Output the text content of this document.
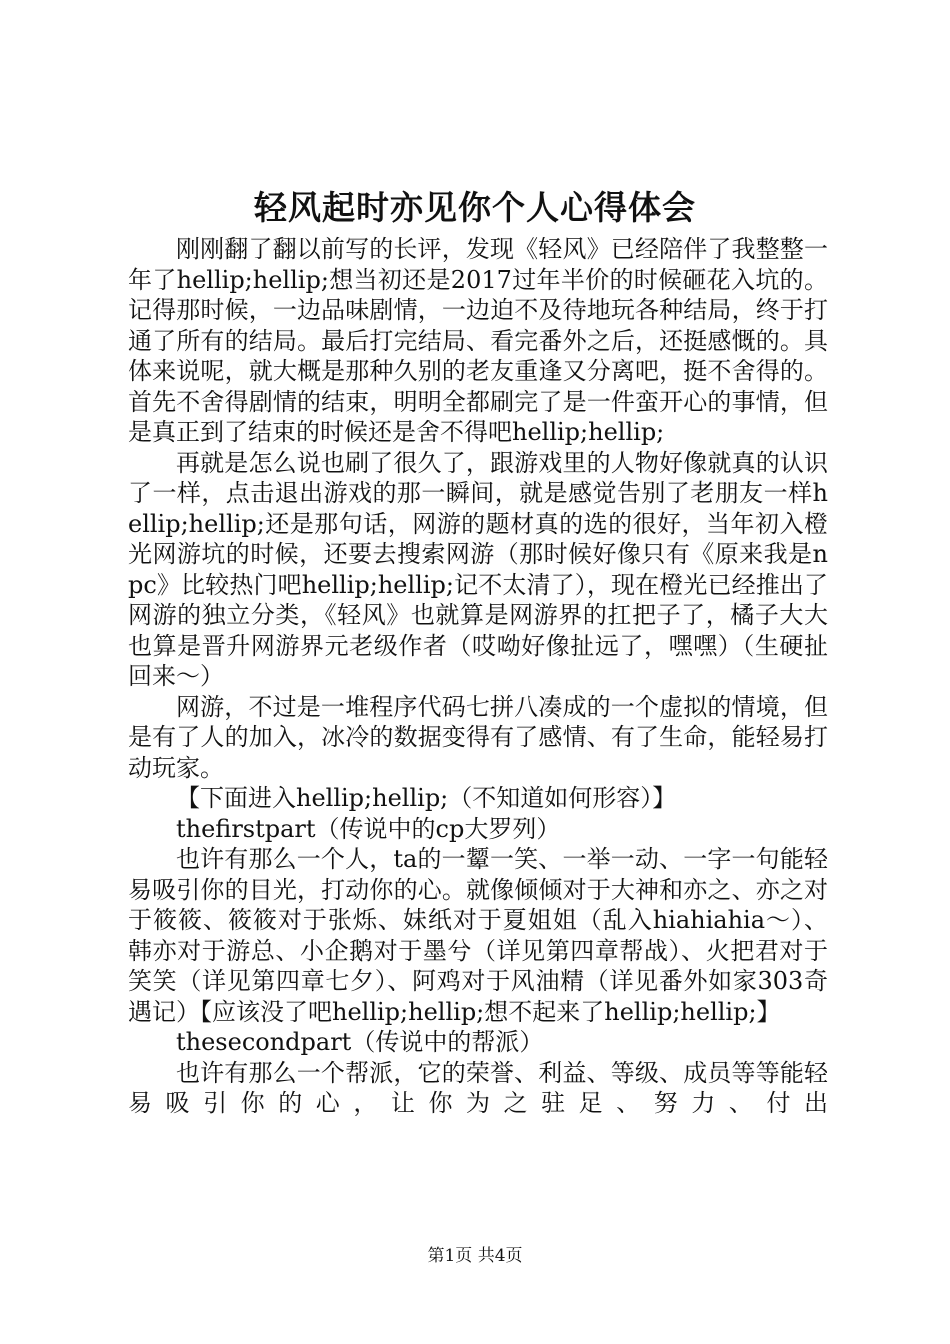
轻风起时亦见你个人心得体会

刚刚翻了翻以前写的长评，发现《轻风》已经陪伴了我整整一年了hellip;hellip;想当初还是2017过年半价的时候砸花入坑的。记得那时候，一边品味剧情，一边迫不及待地玩各种结局，终于打通了所有的结局。最后打完结局、看完番外之后，还挺感慨的。具体来说呢，就大概是那种久别的老友重逢又分离吧，挺不舍得的。首先不舍得剧情的结束，明明全都刷完了是一件蛮开心的事情，但是真正到了结束的时候还是舍不得吧hellip;hellip;

再就是怎么说也刷了很久了，跟游戏里的人物好像就真的认识了一样，点击退出游戏的那一瞬间，就是感觉告别了老朋友一样hellip;hellip;还是那句话，网游的题材真的选的很好，当年初入橙光网游坑的时候，还要去搜索网游（那时候好像只有《原来我是npc》比较热门吧hellip;hellip;记不太清了），现在橙光已经推出了网游的独立分类，《轻风》也就算是网游界的扛把子了，橘子大大也算是晋升网游界元老级作者（哎呦好像扯远了，嘿嘿）（生硬扯回来～）

网游，不过是一堆程序代码七拼八凑成的一个虚拟的情境，但是有了人的加入，冰冷的数据变得有了感情、有了生命，能轻易打动玩家。

【下面进入hellip;hellip;（不知道如何形容）】

thefirstpart（传说中的cp大罗列）

也许有那么一个人，ta的一颦一笑、一举一动、一字一句能轻易吸引你的目光，打动你的心。就像倾倾对于大神和亦之、亦之对于筱筱、筱筱对于张烁、妹纸对于夏姐姐（乱入hiahiahia～）、韩亦对于游总、小企鹅对于墨兮（详见第四章帮战）、火把君对于笑笑（详见第四章七夕）、阿鸡对于风油精（详见番外如家303奇遇记）【应该没了吧hellip;hellip;想不起来了hellip;hellip;】

thesecondpart（传说中的帮派）

也许有那么一个帮派，它的荣誉、利益、等级、成员等等能轻易吸引你的心，让你为之驻足、努力、付出

第1页 共4页
